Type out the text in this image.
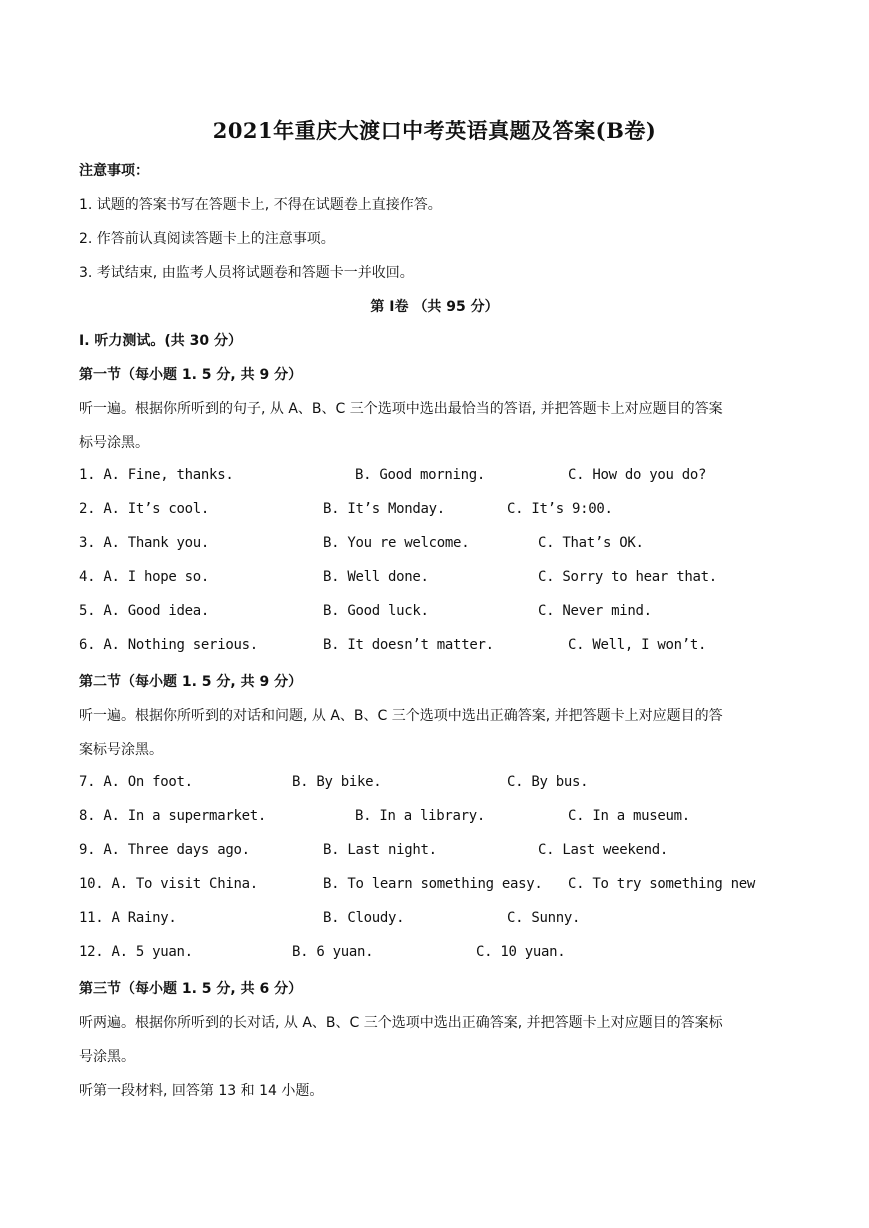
2021年重庆大渡口中考英语真题及答案(B卷)
注意事项：
1. 试题的答案书写在答题卡上, 不得在试题卷上直接作答。
2. 作答前认真阅读答题卡上的注意事项。
3. 考试结束, 由监考人员将试题卷和答题卡一并收回。
第 I卷 （共 95 分）
I. 听力测试。(共 30 分）
第一节（每小题 1. 5 分, 共 9 分）
听一遍。根据你所听到的句子, 从 A、B、C 三个选项中选出最恰当的答语, 并把答题卡上对应题目的答案
标号涂黑。
1. A. Fine, thanks.	B. Good morning.	C. How do you do?
2. A. It’s cool.	B. It’s Monday.	C. It’s 9:00.
3. A. Thank you.	B. You re welcome.	C. That’s OK.
4. A. I hope so.	B. Well done.	C. Sorry to hear that.
5. A. Good idea.	B. Good luck.	C. Never mind.
6. A. Nothing serious.	B. It doesn’t matter.	C. Well, I won’t.
第二节（每小题 1. 5 分, 共 9 分）
听一遍。根据你所听到的对话和问题, 从 A、B、C 三个选项中选出正确答案, 并把答题卡上对应题目的答
案标号涂黑。
7. A. On foot.	B. By bike.	C. By bus.
8. A. In a supermarket.	B. In a library.	C. In a museum.
9. A. Three days ago.	B. Last night.	C. Last weekend.
10. A. To visit China.	B. To learn something easy. C. To try something new
11. A Rainy.	B. Cloudy.	C. Sunny.
12. A. 5 yuan.	B. 6 yuan.	C. 10 yuan.
第三节（每小题 1. 5 分, 共 6 分）
听两遍。根据你所听到的长对话, 从 A、B、C 三个选项中选出正确答案, 并把答题卡上对应题目的答案标
号涂黑。
听第一段材料, 回答第 13 和 14 小题。
